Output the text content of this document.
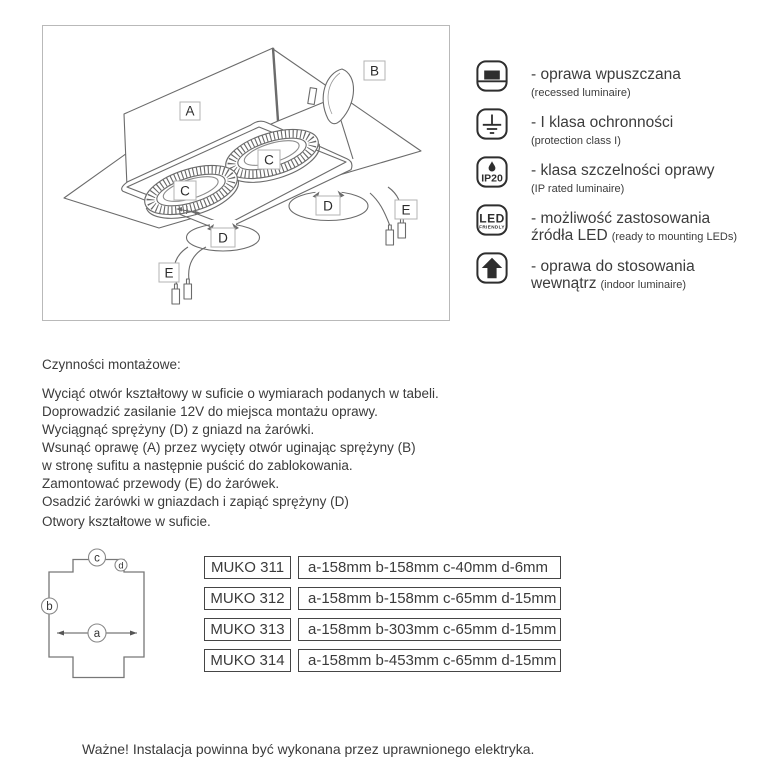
A
B
C
C
D
D
E
E
- oprawa wpuszczana
(recessed luminaire)
- I klasa ochronności
(protection class I)
IP20 - klasa szczelności oprawy
(IP rated luminaire)
LED
FRIENDLY - możliwość zastosowania
źródła LED (ready to mounting LEDs)
- oprawa do stosowania
wewnątrz (indoor luminaire)
Czynności montażowe:
Wyciąć otwór kształtowy w suficie o wymiarach podanych w tabeli.
Doprowadzić zasilanie 12V do miejsca montażu oprawy.
Wyciągnąć sprężyny (D) z gniazd na żarówki.
Wsunąć oprawę (A) przez wycięty otwór uginając sprężyny (B)
w stronę sufitu a następnie puścić do zablokowania.
Zamontować przewody (E) do żarówek.
Osadzić żarówki w gniazdach i zapiąć sprężyny (D)
Otwory kształtowe w suficie.
c
d
b
a
MUKO 311	a-158mm b-158mm c-40mm d-6mm
MUKO 312	a-158mm b-158mm c-65mm d-15mm
MUKO 313	a-158mm b-303mm c-65mm d-15mm
MUKO 314	a-158mm b-453mm c-65mm d-15mm
Ważne! Instalacja powinna być wykonana przez uprawnionego elektryka.
